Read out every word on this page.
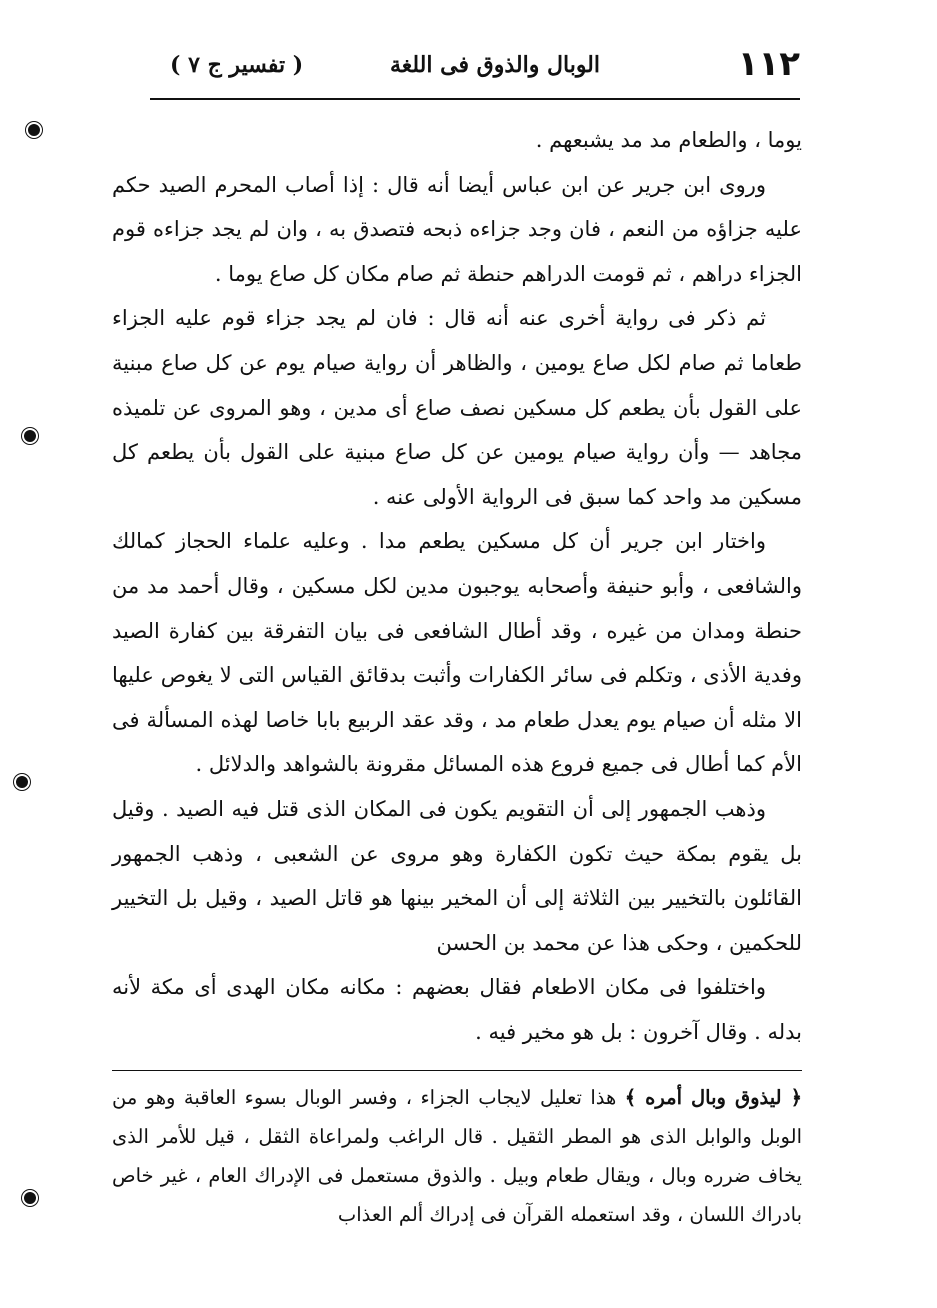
١١٢
الوبال والذوق فى اللغة
( تفسير ج ٧ )

يوما ، والطعام مد مد يشبعهم .

وروى ابن جرير عن ابن عباس أيضا أنه قال : إذا أصاب المحرم الصيد حكم عليه جزاؤه من النعم ، فان وجد جزاءه ذبحه فتصدق به ، وان لم يجد جزاءه قوم الجزاء دراهم ، ثم قومت الدراهم حنطة ثم صام مكان كل صاع يوما .

ثم ذكر فى رواية أخرى عنه أنه قال : فان لم يجد جزاء قوم عليه الجزاء طعاما ثم صام لكل صاع يومين ، والظاهر أن رواية صيام يوم عن كل صاع مبنية على القول بأن يطعم كل مسكين نصف صاع أى مدين ، وهو المروى عن تلميذه مجاهد — وأن رواية صيام يومين عن كل صاع مبنية على القول بأن يطعم كل مسكين مد واحد كما سبق فى الرواية الأولى عنه .

واختار ابن جرير أن كل مسكين يطعم مدا . وعليه علماء الحجاز كمالك والشافعى ، وأبو حنيفة وأصحابه يوجبون مدين لكل مسكين ، وقال أحمد مد من حنطة ومدان من غيره ، وقد أطال الشافعى فى بيان التفرقة بين كفارة الصيد وفدية الأذى ، وتكلم فى سائر الكفارات وأثبت بدقائق القياس التى لا يغوص عليها الا مثله أن صيام يوم يعدل طعام مد ، وقد عقد الربيع بابا خاصا لهذه المسألة فى الأم كما أطال فى جميع فروع هذه المسائل مقرونة بالشواهد والدلائل .

وذهب الجمهور إلى أن التقويم يكون فى المكان الذى قتل فيه الصيد . وقيل بل يقوم بمكة حيث تكون الكفارة وهو مروى عن الشعبى ، وذهب الجمهور القائلون بالتخيير بين الثلاثة إلى أن المخير بينها هو قاتل الصيد ، وقيل بل التخيير للحكمين ، وحكى هذا عن محمد بن الحسن

واختلفوا فى مكان الاطعام فقال بعضهم : مكانه مكان الهدى أى مكة لأنه بدله . وقال آخرون : بل هو مخير فيه .

﴿ ليذوق وبال أمره ﴾ هذا تعليل لايجاب الجزاء ، وفسر الوبال بسوء العاقبة وهو من الوبل والوابل الذى هو المطر الثقيل . قال الراغب ولمراعاة الثقل ، قيل للأمر الذى يخاف ضرره وبال ، ويقال طعام وبيل . والذوق مستعمل فى الإدراك العام ، غير خاص بادراك اللسان ، وقد استعمله القرآن فى إدراك ألم العذاب
